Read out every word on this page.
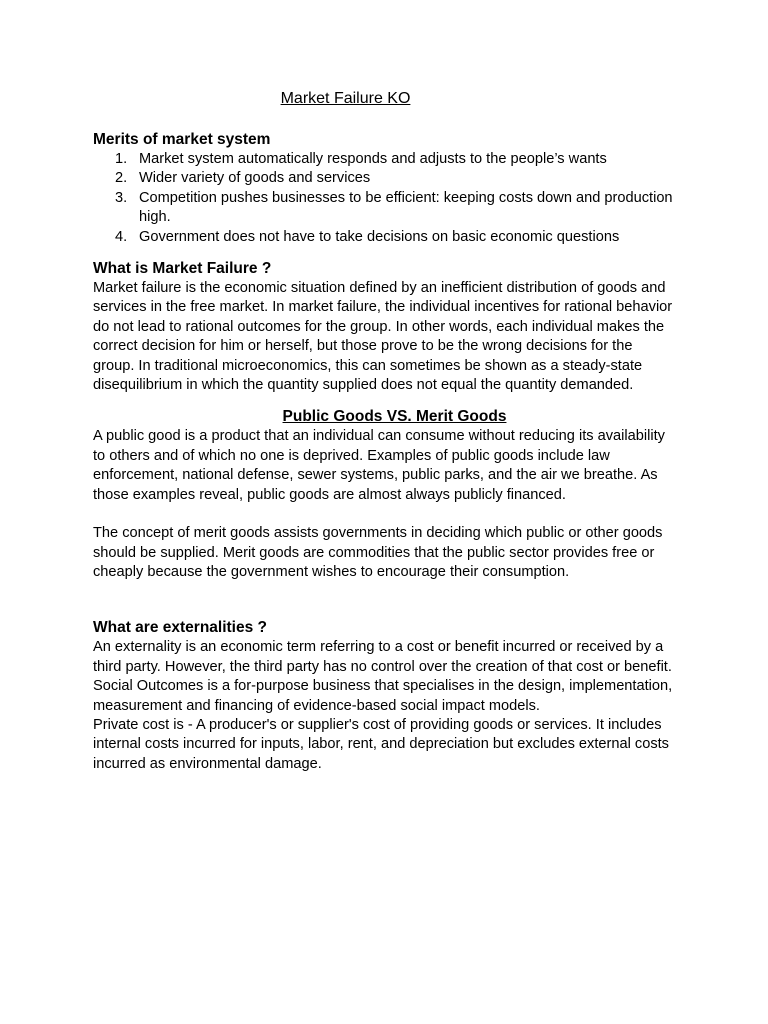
Market Failure KO
Merits of market system
1. Market system automatically responds and adjusts to the people’s wants
2. Wider variety of goods and services
3. Competition pushes businesses to be efficient: keeping costs down and production high.
4. Government does not have to take decisions on basic economic questions
What is Market Failure ?

Market failure is the economic situation defined by an inefficient distribution of goods and services in the free market. In market failure, the individual incentives for rational behavior do not lead to rational outcomes for the group. In other words, each individual makes the correct decision for him or herself, but those prove to be the wrong decisions for the group. In traditional microeconomics, this can sometimes be shown as a steady-state disequilibrium in which the quantity supplied does not equal the quantity demanded.

Public Goods VS. Merit Goods

A public good is a product that an individual can consume without reducing its availability to others and of which no one is deprived. Examples of public goods include law enforcement, national defense, sewer systems, public parks, and the air we breathe. As those examples reveal, public goods are almost always publicly financed.

The concept of merit goods assists governments in deciding which public or other goods should be supplied. Merit goods are commodities that the public sector provides free or cheaply because the government wishes to encourage their consumption.

What are externalities ?

An externality is an economic term referring to a cost or benefit incurred or received by a third party. However, the third party has no control over the creation of that cost or benefit.

Social Outcomes is a for-purpose business that specialises in the design, implementation, measurement and financing of evidence-based social impact models.

Private cost is - A producer's or supplier's cost of providing goods or services. It includes internal costs incurred for inputs, labor, rent, and depreciation but excludes external costs incurred as environmental damage.
